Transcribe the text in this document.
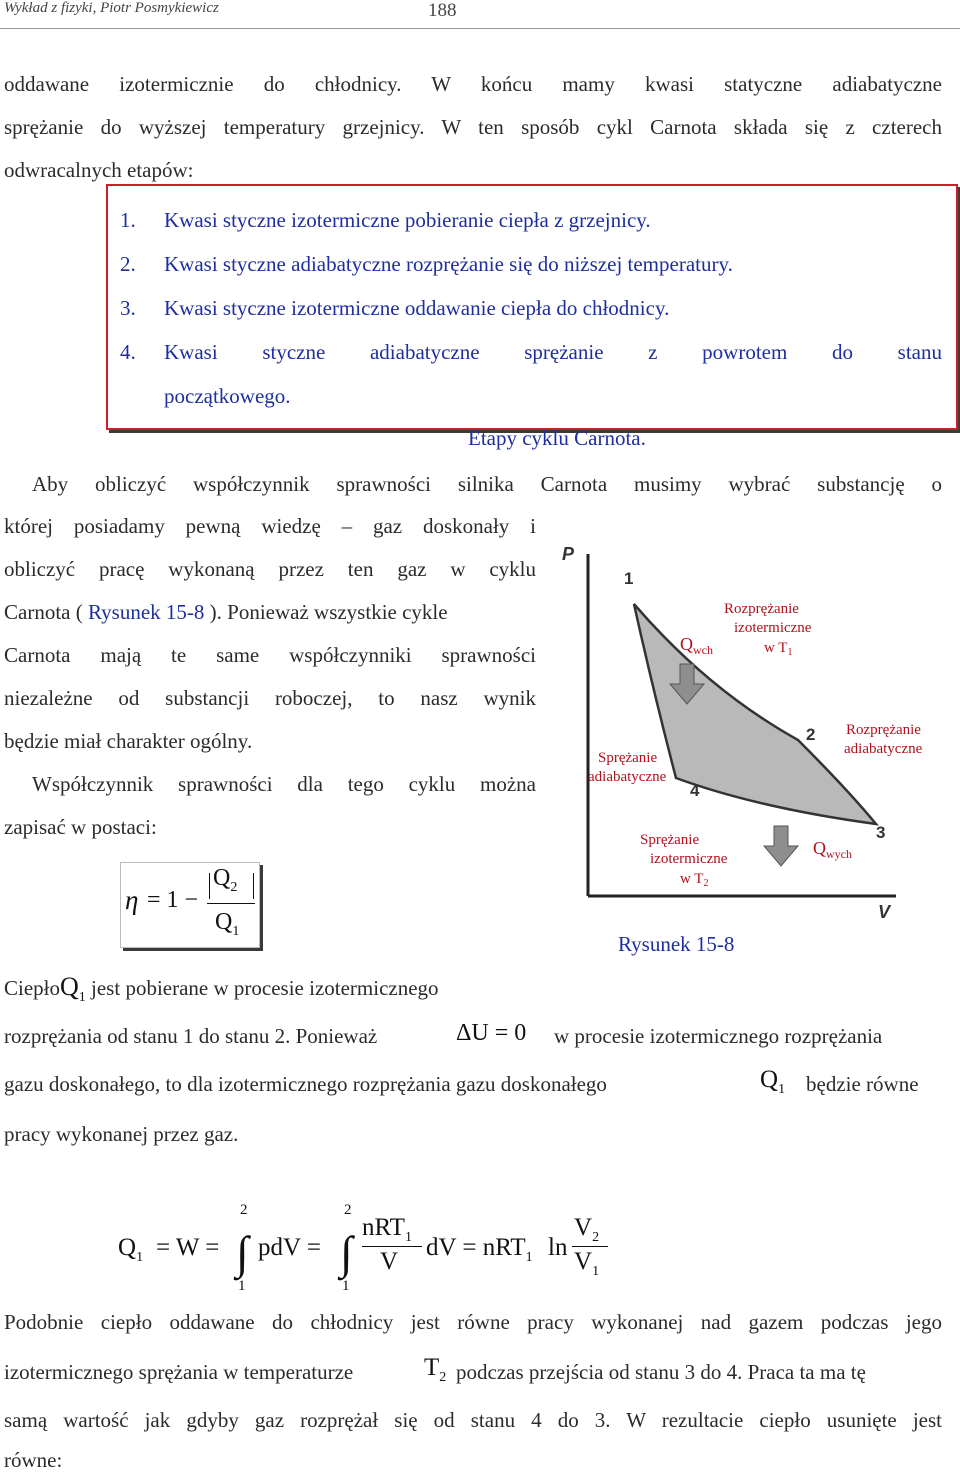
Wykład z fizyki, Piotr Posmykiewicz	188
oddawane izotermicznie do chłodnicy. W końcu mamy kwasi statyczne adiabatyczne
sprężanie do wyższej temperatury grzejnicy. W ten sposób cykl Carnota składa się z czterech
odwracalnych etapów:
1. Kwasi styczne izotermiczne pobieranie ciepła z grzejnicy.
2. Kwasi styczne adiabatyczne rozprężanie się do niższej temperatury.
3. Kwasi styczne izotermiczne oddawanie ciepła do chłodnicy.
4. Kwasi styczne adiabatyczne sprężanie z powrotem do stanu
początkowego.
Etapy cyklu Carnota.
Aby obliczyć współczynnik sprawności silnika Carnota musimy wybrać substancję o
której posiadamy pewną wiedzę – gaz doskonały i
obliczyć pracę wykonaną przez ten gaz w cyklu
Carnota ( Rysunek 15-8 ). Ponieważ wszystkie cykle
Carnota mają te same współczynniki sprawności
niezależne od substancji roboczej, to nasz wynik
będzie miał charakter ogólny.
Współczynnik sprawności dla tego cyklu można
zapisać w postaci:
η = 1 −
$Q_2$
$Q_1$
P
V
1
2
3
4
$Q_{wch}$
$Q_{wych}$
Rozprężanie
izotermiczne
w $T_1$
Rozprężanie
adiabatyczne
Sprężanie
adiabatyczne
Sprężanie
izotermiczne
w $T_2$
Rysunek 15-8
CiepłoQ$_1$ jest pobierane w procesie izotermicznego
rozprężania od stanu 1 do stanu 2. Ponieważ	ΔU = 0 w procesie izotermicznego rozprężania
gazu doskonałego, to dla izotermicznego rozprężania gazu doskonałego	$Q_1$ będzie równe
pracy wykonanej przez gaz.
$Q_1 = W$ = ∫
2
1
pdV = ∫
2
1
nRT$_1$
V
dV = nRT$_1$ ln
$V_2$
$V_1$
Podobnie ciepło oddawane do chłodnicy jest równe pracy wykonanej nad gazem podczas jego
izotermicznego sprężania w temperaturze	$T_2$ podczas przejścia od stanu 3 do 4. Praca ta ma tę
samą wartość jak gdyby gaz rozprężał się od stanu 4 do 3. W rezultacie ciepło usunięte jest
równe:
